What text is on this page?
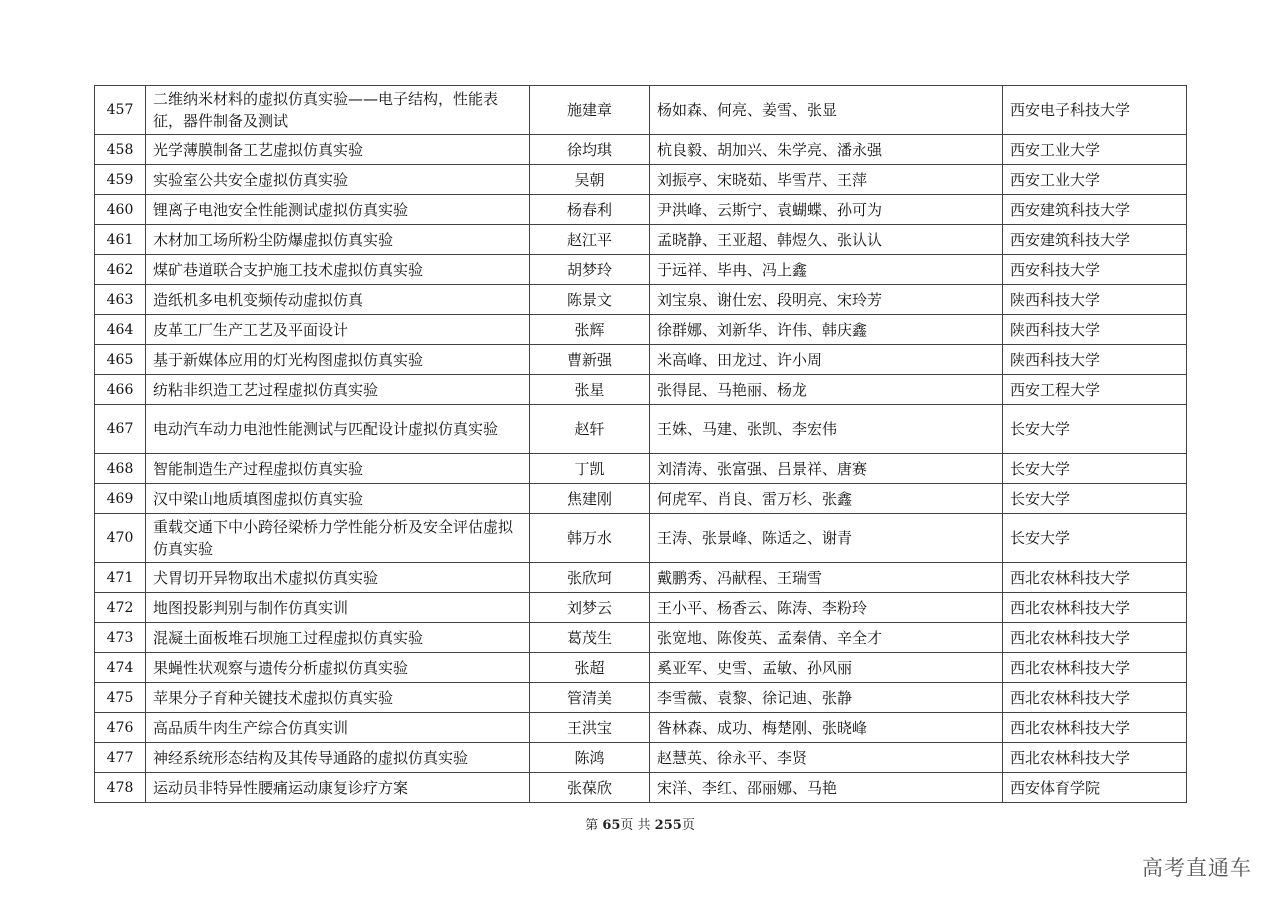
457	二维纳米材料的虚拟仿真实验——电子结构，性能表征，器件制备及测试	施建章	杨如森、何亮、姜雪、张显	西安电子科技大学
458	光学薄膜制备工艺虚拟仿真实验	徐均琪	杭良毅、胡加兴、朱学亮、潘永强	西安工业大学
459	实验室公共安全虚拟仿真实验	吴朝	刘振亭、宋晓茹、毕雪芹、王萍	西安工业大学
460	锂离子电池安全性能测试虚拟仿真实验	杨春利	尹洪峰、云斯宁、袁蝴蝶、孙可为	西安建筑科技大学
461	木材加工场所粉尘防爆虚拟仿真实验	赵江平	孟晓静、王亚超、韩煜久、张认认	西安建筑科技大学
462	煤矿巷道联合支护施工技术虚拟仿真实验	胡梦玲	于远祥、毕冉、冯上鑫	西安科技大学
463	造纸机多电机变频传动虚拟仿真	陈景文	刘宝泉、谢仕宏、段明亮、宋玲芳	陕西科技大学
464	皮革工厂生产工艺及平面设计	张辉	徐群娜、刘新华、许伟、韩庆鑫	陕西科技大学
465	基于新媒体应用的灯光构图虚拟仿真实验	曹新强	米高峰、田龙过、许小周	陕西科技大学
466	纺粘非织造工艺过程虚拟仿真实验	张星	张得昆、马艳丽、杨龙	西安工程大学
467	电动汽车动力电池性能测试与匹配设计虚拟仿真实验	赵轩	王姝、马建、张凯、李宏伟	长安大学
468	智能制造生产过程虚拟仿真实验	丁凯	刘清涛、张富强、吕景祥、唐赛	长安大学
469	汉中梁山地质填图虚拟仿真实验	焦建刚	何虎军、肖良、雷万杉、张鑫	长安大学
470	重载交通下中小跨径梁桥力学性能分析及安全评估虚拟仿真实验	韩万水	王涛、张景峰、陈适之、谢青	长安大学
471	犬胃切开异物取出术虚拟仿真实验	张欣珂	戴鹏秀、冯献程、王瑞雪	西北农林科技大学
472	地图投影判别与制作仿真实训	刘梦云	王小平、杨香云、陈涛、李粉玲	西北农林科技大学
473	混凝土面板堆石坝施工过程虚拟仿真实验	葛茂生	张宽地、陈俊英、孟秦倩、辛全才	西北农林科技大学
474	果蝇性状观察与遗传分析虚拟仿真实验	张超	奚亚军、史雪、孟敏、孙风丽	西北农林科技大学
475	苹果分子育种关键技术虚拟仿真实验	管清美	李雪薇、袁黎、徐记迪、张静	西北农林科技大学
476	高品质牛肉生产综合仿真实训	王洪宝	昝林森、成功、梅楚刚、张晓峰	西北农林科技大学
477	神经系统形态结构及其传导通路的虚拟仿真实验	陈鸿	赵慧英、徐永平、李贤	西北农林科技大学
478	运动员非特异性腰痛运动康复诊疗方案	张葆欣	宋洋、李红、邵丽娜、马艳	西安体育学院
第 65页 共 255页
高考直通车
